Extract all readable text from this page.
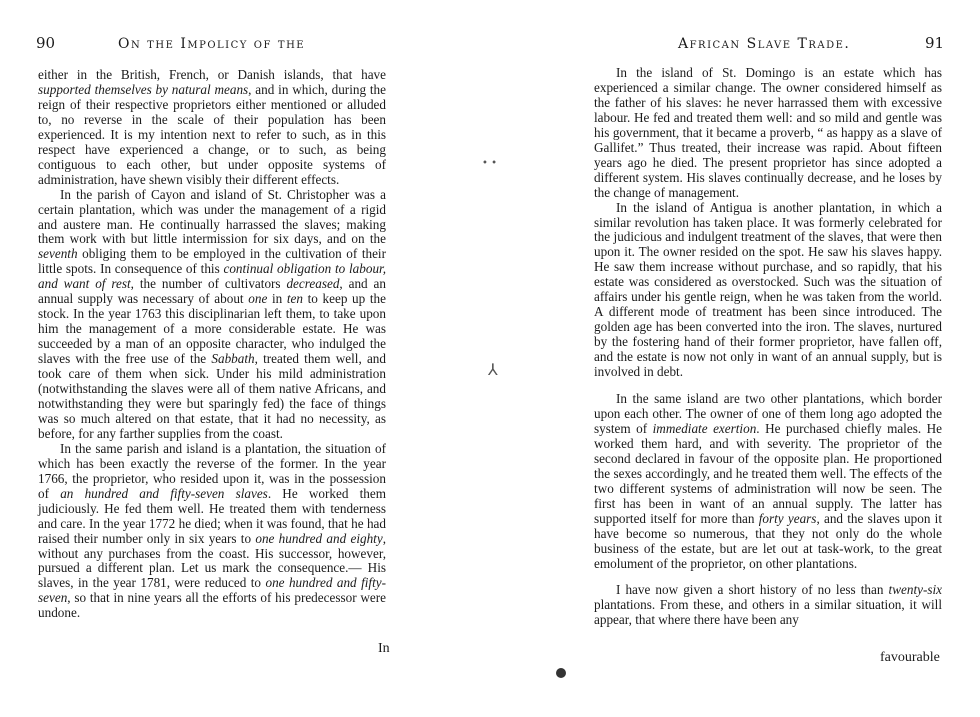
90	On the Impolicy of the

either in the British, French, or Danish islands, that have supported themselves by natural means, and in which, during the reign of their respective proprietors either mentioned or alluded to, no reverse in the scale of their population has been experienced. It is my intention next to refer to such, as in this respect have experienced a change, or to such, as being contiguous to each other, but under opposite systems of administration, have shewn visibly their different effects.

In the parish of Cayon and island of St. Christopher was a certain plantation, which was under the management of a rigid and austere man. He continually harrassed the slaves; making them work with but little intermission for six days, and on the seventh obliging them to be employed in the cultivation of their little spots. In consequence of this continual obligation to labour, and want of rest, the number of cultivators decreased, and an annual supply was necessary of about one in ten to keep up the stock. In the year 1763 this disciplinarian left them, to take upon him the management of a more considerable estate. He was succeeded by a man of an opposite character, who indulged the slaves with the free use of the Sabbath, treated them well, and took care of them when sick. Under his mild administration (notwithstanding the slaves were all of them native Africans, and notwithstanding they were but sparingly fed) the face of things was so much altered on that estate, that it had no necessity, as before, for any farther supplies from the coast.

In the same parish and island is a plantation, the situation of which has been exactly the reverse of the former. In the year 1766, the proprietor, who resided upon it, was in the possession of an hundred and fifty-seven slaves. He worked them judiciously. He fed them well. He treated them with tenderness and care. In the year 1772 he died; when it was found, that he had raised their number only in six years to one hundred and eighty, without any purchases from the coast. His successor, however, pursued a different plan. Let us mark the consequence.— His slaves, in the year 1781, were reduced to one hundred and fifty-seven, so that in nine years all the efforts of his predecessor were undone.

In
• •
⅄
African Slave Trade.	91

In the island of St. Domingo is an estate which has experienced a similar change. The owner considered himself as the father of his slaves: he never harrassed them with excessive labour. He fed and treated them well: and so mild and gentle was his government, that it became a proverb, “ as happy as a slave of Gallifet.” Thus treated, their increase was rapid. About fifteen years ago he died. The present proprietor has since adopted a different system. His slaves continually decrease, and he loses by the change of management.

In the island of Antigua is another plantation, in which a similar revolution has taken place. It was formerly celebrated for the judicious and indulgent treatment of the slaves, that were then upon it. The owner resided on the spot. He saw his slaves happy. He saw them increase without purchase, and so rapidly, that his estate was considered as overstocked. Such was the situation of affairs under his gentle reign, when he was taken from the world. A different mode of treatment has been since introduced. The golden age has been converted into the iron. The slaves, nurtured by the fostering hand of their former proprietor, have fallen off, and the estate is now not only in want of an annual supply, but is involved in debt.

In the same island are two other plantations, which border upon each other. The owner of one of them long ago adopted the system of immediate exertion. He purchased chiefly males. He worked them hard, and with severity. The proprietor of the second declared in favour of the opposite plan. He proportioned the sexes accordingly, and he treated them well. The effects of the two different systems of administration will now be seen. The first has been in want of an annual supply. The latter has supported itself for more than forty years, and the slaves upon it have become so numerous, that they not only do the whole business of the estate, but are let out at task-work, to the great emolument of the proprietor, on other plantations.

I have now given a short history of no less than twenty-six plantations. From these, and others in a similar situation, it will appear, that where there have been any

favourable
